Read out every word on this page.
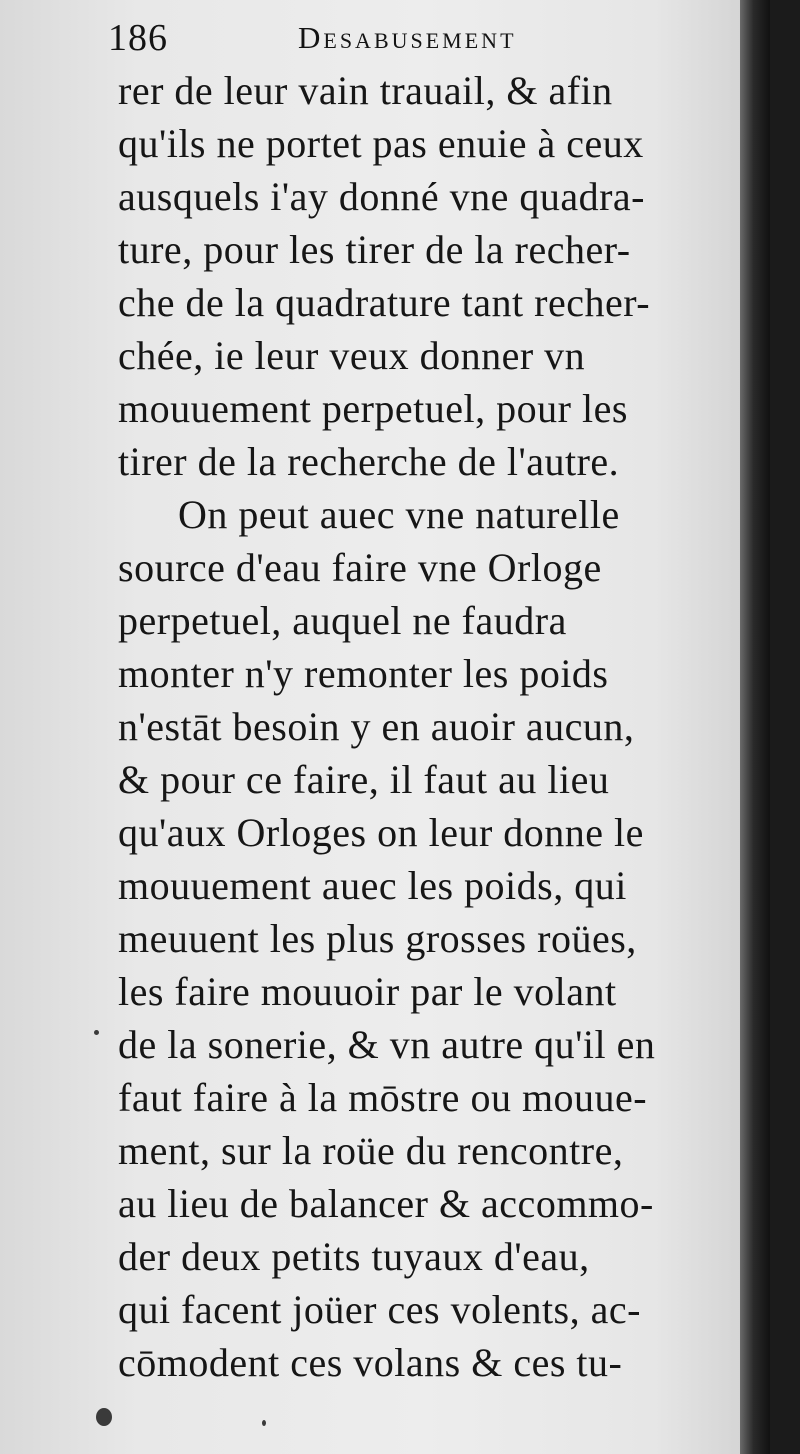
186	Desabusement
rer de leur vain trauail, & afin
qu'ils ne portet pas enuie à ceux
ausquels i'ay donné vne quadra-
ture, pour les tirer de la recher-
che de la quadrature tant recher-
chée, ie leur veux donner vn
mouuement perpetuel, pour les
tirer de la recherche de l'autre.
On peut auec vne naturelle
source d'eau faire vne Orloge
perpetuel, auquel ne faudra
monter n'y remonter les poids
n'estāt besoin y en auoir aucun,
& pour ce faire, il faut au lieu
qu'aux Orloges on leur donne le
mouuement auec les poids, qui
meuuent les plus grosses roües,
les faire mouuoir par le volant
de la sonerie, & vn autre qu'il en
faut faire à la mōstre ou mouue-
ment, sur la roüe du rencontre,
au lieu de balancer & accommo-
der deux petits tuyaux d'eau,
qui facent joüer ces volents, ac-
cōmodent ces volans & ces tu-
